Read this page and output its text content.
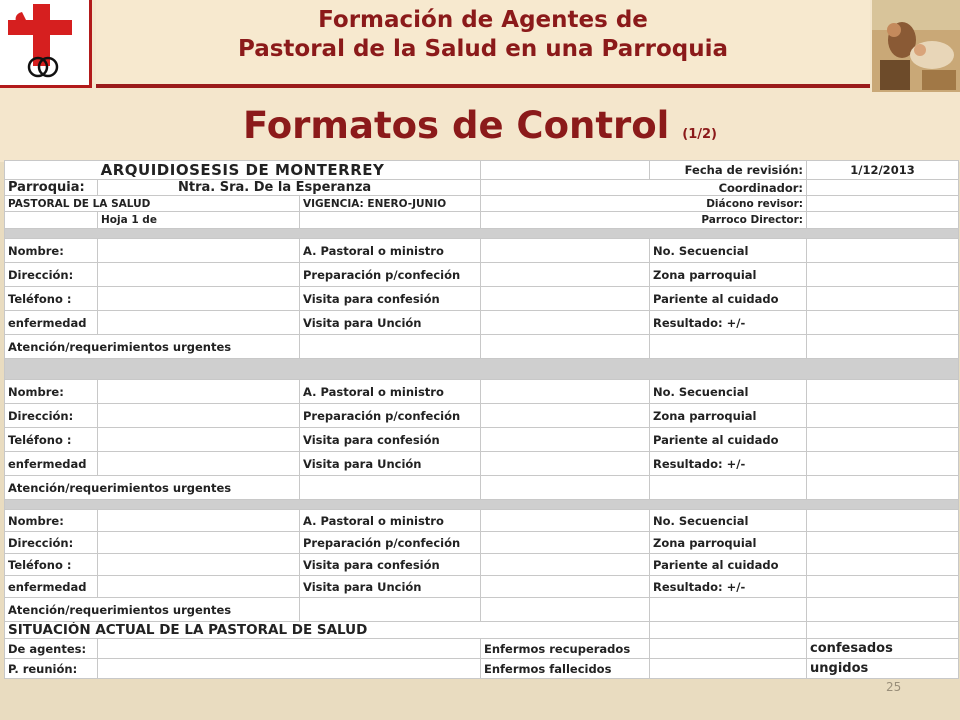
Formación de Agentes de
Pastoral de la Salud en una Parroquia
Formatos de Control (1/2)
ARQUIDIOSESIS DE MONTERREY				Fecha de revisión:	1/12/2013
Parroquia:	Ntra. Sra. De la Esperanza		Coordinador:		
PASTORAL DE LA SALUD		VIGENCIA: ENERO-JUNIO	Diácono revisor:		
	Hoja 1 de		Parroco Director:		

Nombre:		A. Pastoral o ministro		No. Secuencial	
Dirección:		Preparación p/confeción		Zona parroquial	
Teléfono :		Visita para confesión		Pariente al cuidado	
enfermedad		Visita para Unción		Resultado: +/-	
Atención/requerimientos urgentes					

Nombre:		A. Pastoral o ministro		No. Secuencial	
Dirección:		Preparación p/confeción		Zona parroquial	
Teléfono :		Visita para confesión		Pariente al cuidado	
enfermedad		Visita para Unción		Resultado: +/-	
Atención/requerimientos urgentes					

Nombre:		A. Pastoral o ministro		No. Secuencial	
Dirección:		Preparación p/confeción		Zona parroquial	
Teléfono :		Visita para confesión		Pariente al cuidado	
enfermedad		Visita para Unción		Resultado: +/-	
Atención/requerimientos urgentes					
SITUACIÓN ACTUAL DE LA PASTORAL DE SALUD					
De agentes:			Enfermos recuperados		confesados
P. reunión:			Enfermos fallecidos		ungidos
25
